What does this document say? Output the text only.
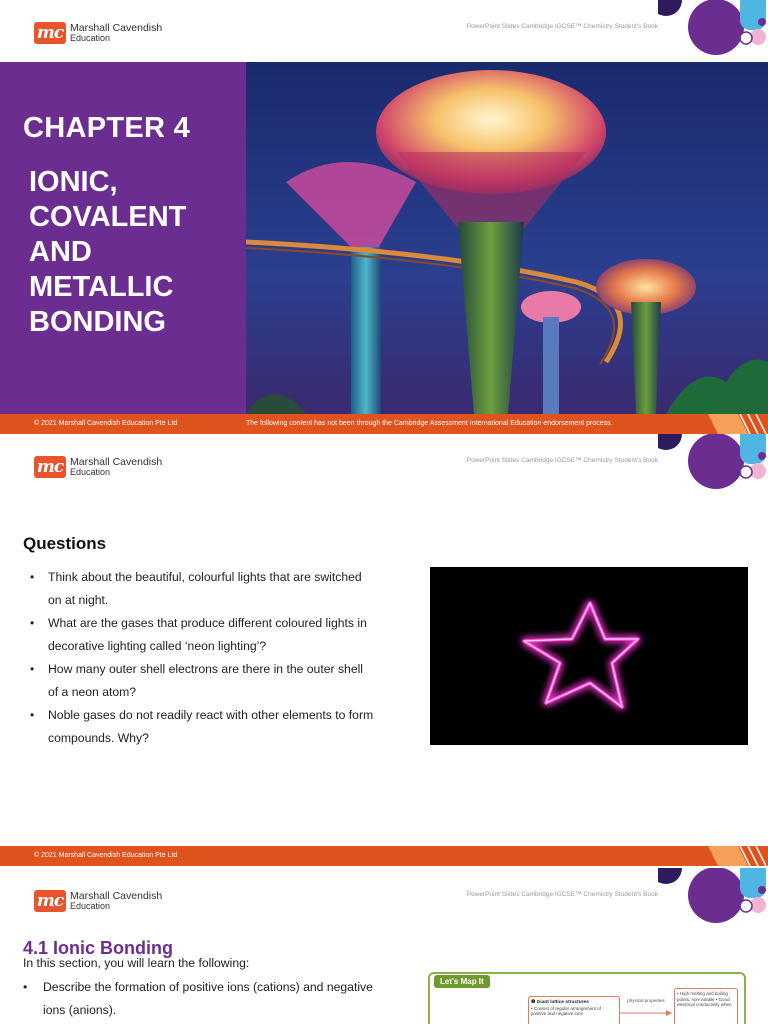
mc Marshall Cavendish
Education
PowerPoint Slides Cambridge IGCSE™ Chemistry Student's Book
CHAPTER 4
IONIC, COVALENT AND METALLIC BONDING
© 2021 Marshall Cavendish Education Pte Ltd	The following content has not been through the Cambridge Assessment International Education endorsement process.
mc Marshall Cavendish
Education
PowerPoint Slides Cambridge IGCSE™ Chemistry Student's Book
Questions
• Think about the beautiful, colourful lights that are switched on at night.
• What are the gases that produce different coloured lights in decorative lighting called ‘neon lighting’?
• How many outer shell electrons are there in the outer shell of a neon atom?
• Noble gases do not readily react with other elements to form compounds. Why?
© 2021 Marshall Cavendish Education Pte Ltd
mc Marshall Cavendish
Education
PowerPoint Slides Cambridge IGCSE™ Chemistry Student's Book
4.1 Ionic Bonding
In this section, you will learn the following:
• Describe the formation of positive ions (cations) and negative ions (anions).
Let's Map It
❶ Giant lattice structures
• Consist of regular arrangement of positive and negative ions
physical properties
• High melting and boiling points, non-volatile • Good electrical conductivity when
